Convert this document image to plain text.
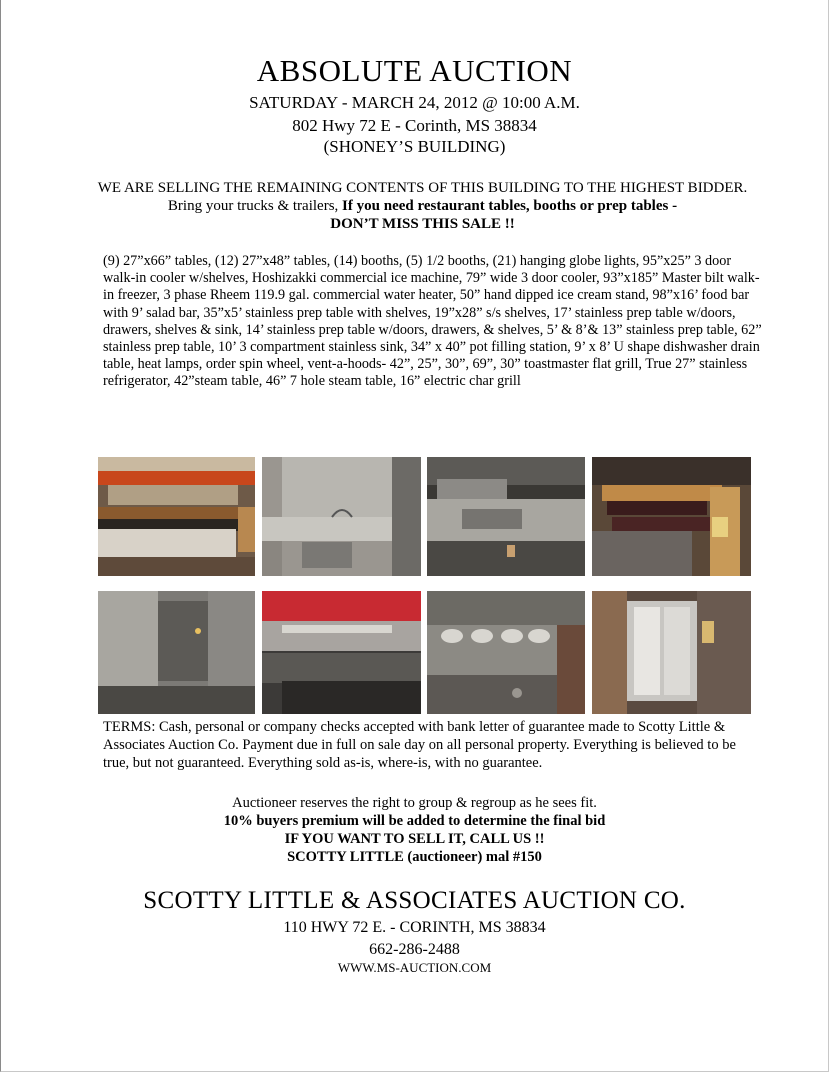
ABSOLUTE AUCTION
SATURDAY - MARCH 24, 2012 @ 10:00 A.M.
802 Hwy 72 E - Corinth, MS 38834
(SHONEY’S BUILDING)
WE ARE SELLING THE REMAINING CONTENTS OF THIS BUILDING TO THE HIGHEST BIDDER. Bring your trucks & trailers, If you need restaurant tables, booths or prep tables -
DON’T MISS THIS SALE !!
(9) 27”x66” tables, (12) 27”x48” tables, (14) booths, (5) 1/2 booths, (21) hanging globe lights, 95”x25” 3 door walk-in cooler w/shelves, Hoshizakki commercial ice machine, 79” wide 3 door cooler, 93”x185” Master bilt walk-in freezer, 3 phase Rheem 119.9 gal. commercial water heater, 50” hand dipped ice cream stand, 98”x16’ food bar with 9’ salad bar, 35”x5’ stainless prep table with shelves, 19”x28” s/s shelves, 17’ stainless prep table w/doors, drawers, shelves & sink, 14’ stainless prep table w/doors, drawers, & shelves, 5’ & 8’& 13” stainless prep table, 62” stainless prep table, 10’ 3 compartment stainless sink, 34” x 40” pot filling station, 9’ x 8’ U shape dishwasher drain table, heat lamps, order spin wheel, vent-a-hoods- 42”, 25”, 30”, 69”, 30” toastmaster flat grill, True 27” stainless refrigerator, 42”steam table, 46” 7 hole steam table, 16” electric char grill
TERMS: Cash, personal or company checks accepted with bank letter of guarantee made to Scotty Little & Associates Auction Co. Payment due in full on sale day on all personal property. Everything is believed to be true, but not guaranteed. Everything sold as-is, where-is, with no guarantee.
Auctioneer reserves the right to group & regroup as he sees fit.
10% buyers premium will be added to determine the final bid
IF YOU WANT TO SELL IT, CALL US !!
SCOTTY LITTLE (auctioneer) mal #150
SCOTTY LITTLE & ASSOCIATES AUCTION CO.
110 HWY 72 E. - CORINTH, MS 38834
662-286-2488
WWW.MS-AUCTION.COM
